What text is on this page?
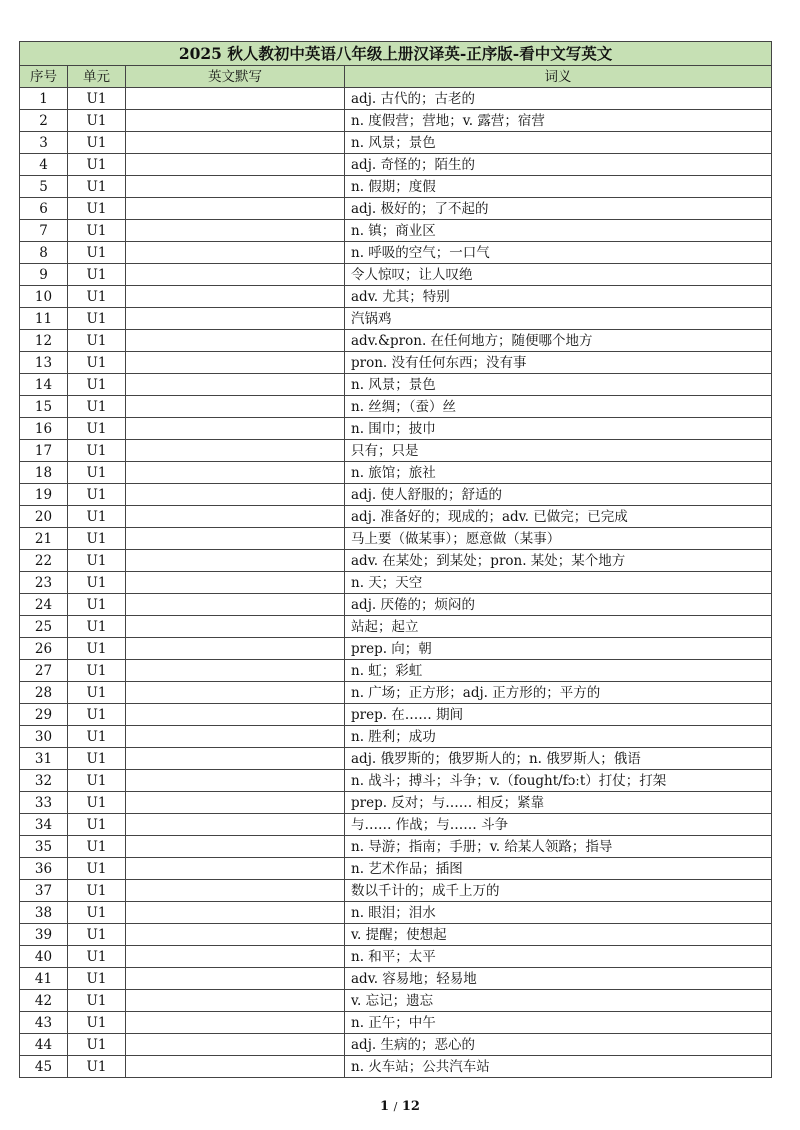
2025 秋人教初中英语八年级上册汉译英-正序版-看中文写英文			
序号	单元	英文默写	词义
1	U1		adj. 古代的；古老的
2	U1		n. 度假营；营地；v. 露营；宿营
3	U1		n. 风景；景色
4	U1		adj. 奇怪的；陌生的
5	U1		n. 假期；度假
6	U1		adj. 极好的；了不起的
7	U1		n. 镇；商业区
8	U1		n. 呼吸的空气；一口气
9	U1		令人惊叹；让人叹绝
10	U1		adv. 尤其；特别
11	U1		汽锅鸡
12	U1		adv.&pron. 在任何地方；随便哪个地方
13	U1		pron. 没有任何东西；没有事
14	U1		n. 风景；景色
15	U1		n. 丝绸；（蚕）丝
16	U1		n. 围巾；披巾
17	U1		只有；只是
18	U1		n. 旅馆；旅社
19	U1		adj. 使人舒服的；舒适的
20	U1		adj. 准备好的；现成的；adv. 已做完；已完成
21	U1		马上要（做某事）；愿意做（某事）
22	U1		adv. 在某处；到某处；pron. 某处；某个地方
23	U1		n. 天；天空
24	U1		adj. 厌倦的；烦闷的
25	U1		站起；起立
26	U1		prep. 向；朝
27	U1		n. 虹；彩虹
28	U1		n. 广场；正方形；adj. 正方形的；平方的
29	U1		prep. 在…… 期间
30	U1		n. 胜利；成功
31	U1		adj. 俄罗斯的；俄罗斯人的；n. 俄罗斯人；俄语
32	U1		n. 战斗；搏斗；斗争；v.（fought/fɔːt）打仗；打架
33	U1		prep. 反对；与…… 相反；紧靠
34	U1		与…… 作战；与…… 斗争
35	U1		n. 导游；指南；手册；v. 给某人领路；指导
36	U1		n. 艺术作品；插图
37	U1		数以千计的；成千上万的
38	U1		n. 眼泪；泪水
39	U1		v. 提醒；使想起
40	U1		n. 和平；太平
41	U1		adv. 容易地；轻易地
42	U1		v. 忘记；遗忘
43	U1		n. 正午；中午
44	U1		adj. 生病的；恶心的
45	U1		n. 火车站；公共汽车站
1 / 12
